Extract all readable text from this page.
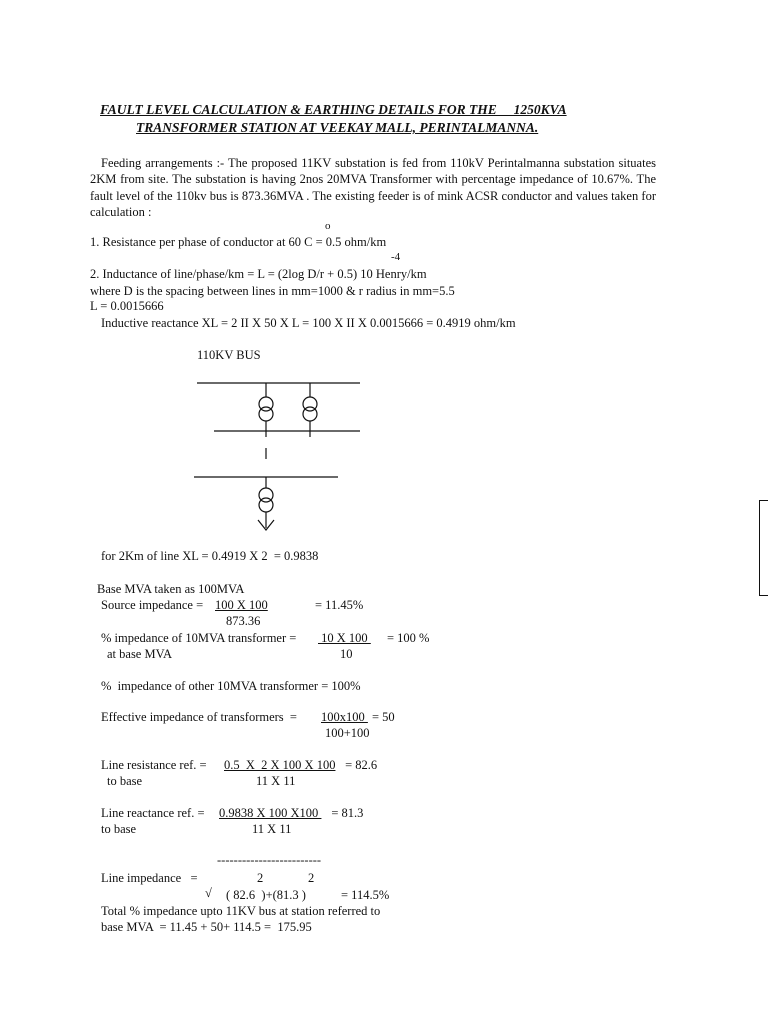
FAULT LEVEL CALCULATION & EARTHING DETAILS FOR THE     1250KVA
TRANSFORMER STATION AT VEEKAY MALL, PERINTALMANNA.
Feeding arrangements :- The proposed 11KV substation is fed from 110kV Perintalmanna substation situates 2KM from site. The substation is having 2nos 20MVA Transformer with percentage impedance of 10.67%. The fault level of the 110kv bus is 873.36MVA . The existing feeder is of mink ACSR conductor and values taken for calculation :
o
1. Resistance per phase of conductor at 60 C = 0.5 ohm/km
-4
2. Inductance of line/phase/km = L = (2log D/r + 0.5) 10 Henry/km
where D is the spacing between lines in mm=1000 & r radius in mm=5.5
L = 0.0015666
Inductive reactance XL = 2 II X 50 X L = 100 X II X 0.0015666 = 0.4919 ohm/km
110KV BUS
for 2Km of line XL = 0.4919 X 2  = 0.9838
Base MVA taken as 100MVA
Source impedance = 100 X 100	= 11.45%
873.36
% impedance of 10MVA transformer = 10 X 100 = 100 %
at base MVA	10
%  impedance of other 10MVA transformer = 100%
Effective impedance of transformers  = 100x100 = 50
100+100
Line resistance ref. = 0.5  X  2 X 100 X 100 = 82.6
to base	11 X 11
Line reactance ref. = 0.9838 X 100 X100 = 81.3
to base	11 X 11
-------------------------
Line impedance   =	2	2
√ ( 82.6  )+(81.3 )	= 114.5%
Total % impedance upto 11KV bus at station referred to
base MVA  = 11.45 + 50+ 114.5 =  175.95
